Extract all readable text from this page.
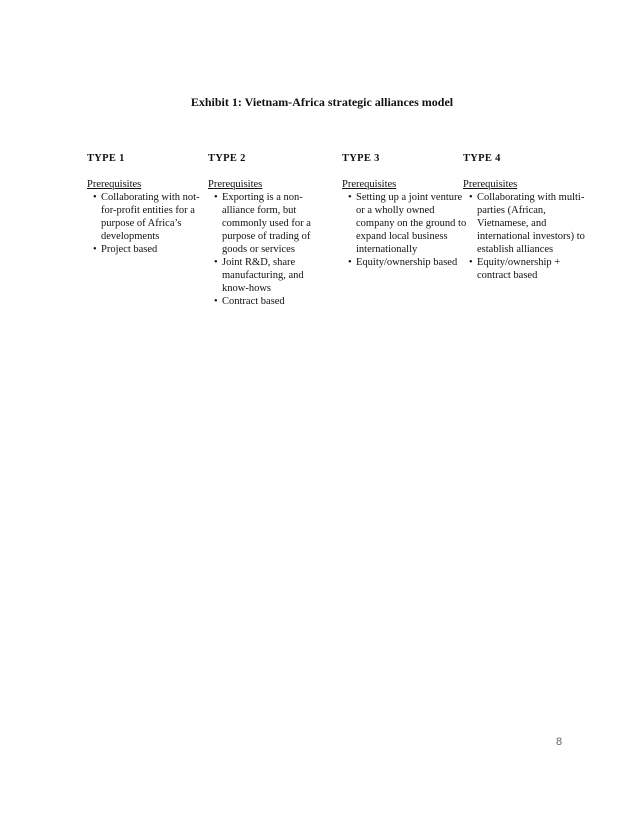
Exhibit 1: Vietnam-Africa strategic alliances model

TYPE 1

Prerequisites

• Collaborating with not-for-profit entities for a purpose of Africa’s developments
• Project based

TYPE 2

Prerequisites

• Exporting is a non-alliance form, but commonly used for a purpose of trading of goods or services
• Joint R&D, share manufacturing, and know-hows
• Contract based

TYPE 3

Prerequisites

• Setting up a joint venture or a wholly owned company on the ground to expand local business internationally
• Equity/ownership based

TYPE 4

Prerequisites

• Collaborating with multi-parties (African, Vietnamese, and international investors) to establish alliances
• Equity/ownership + contract based
8
